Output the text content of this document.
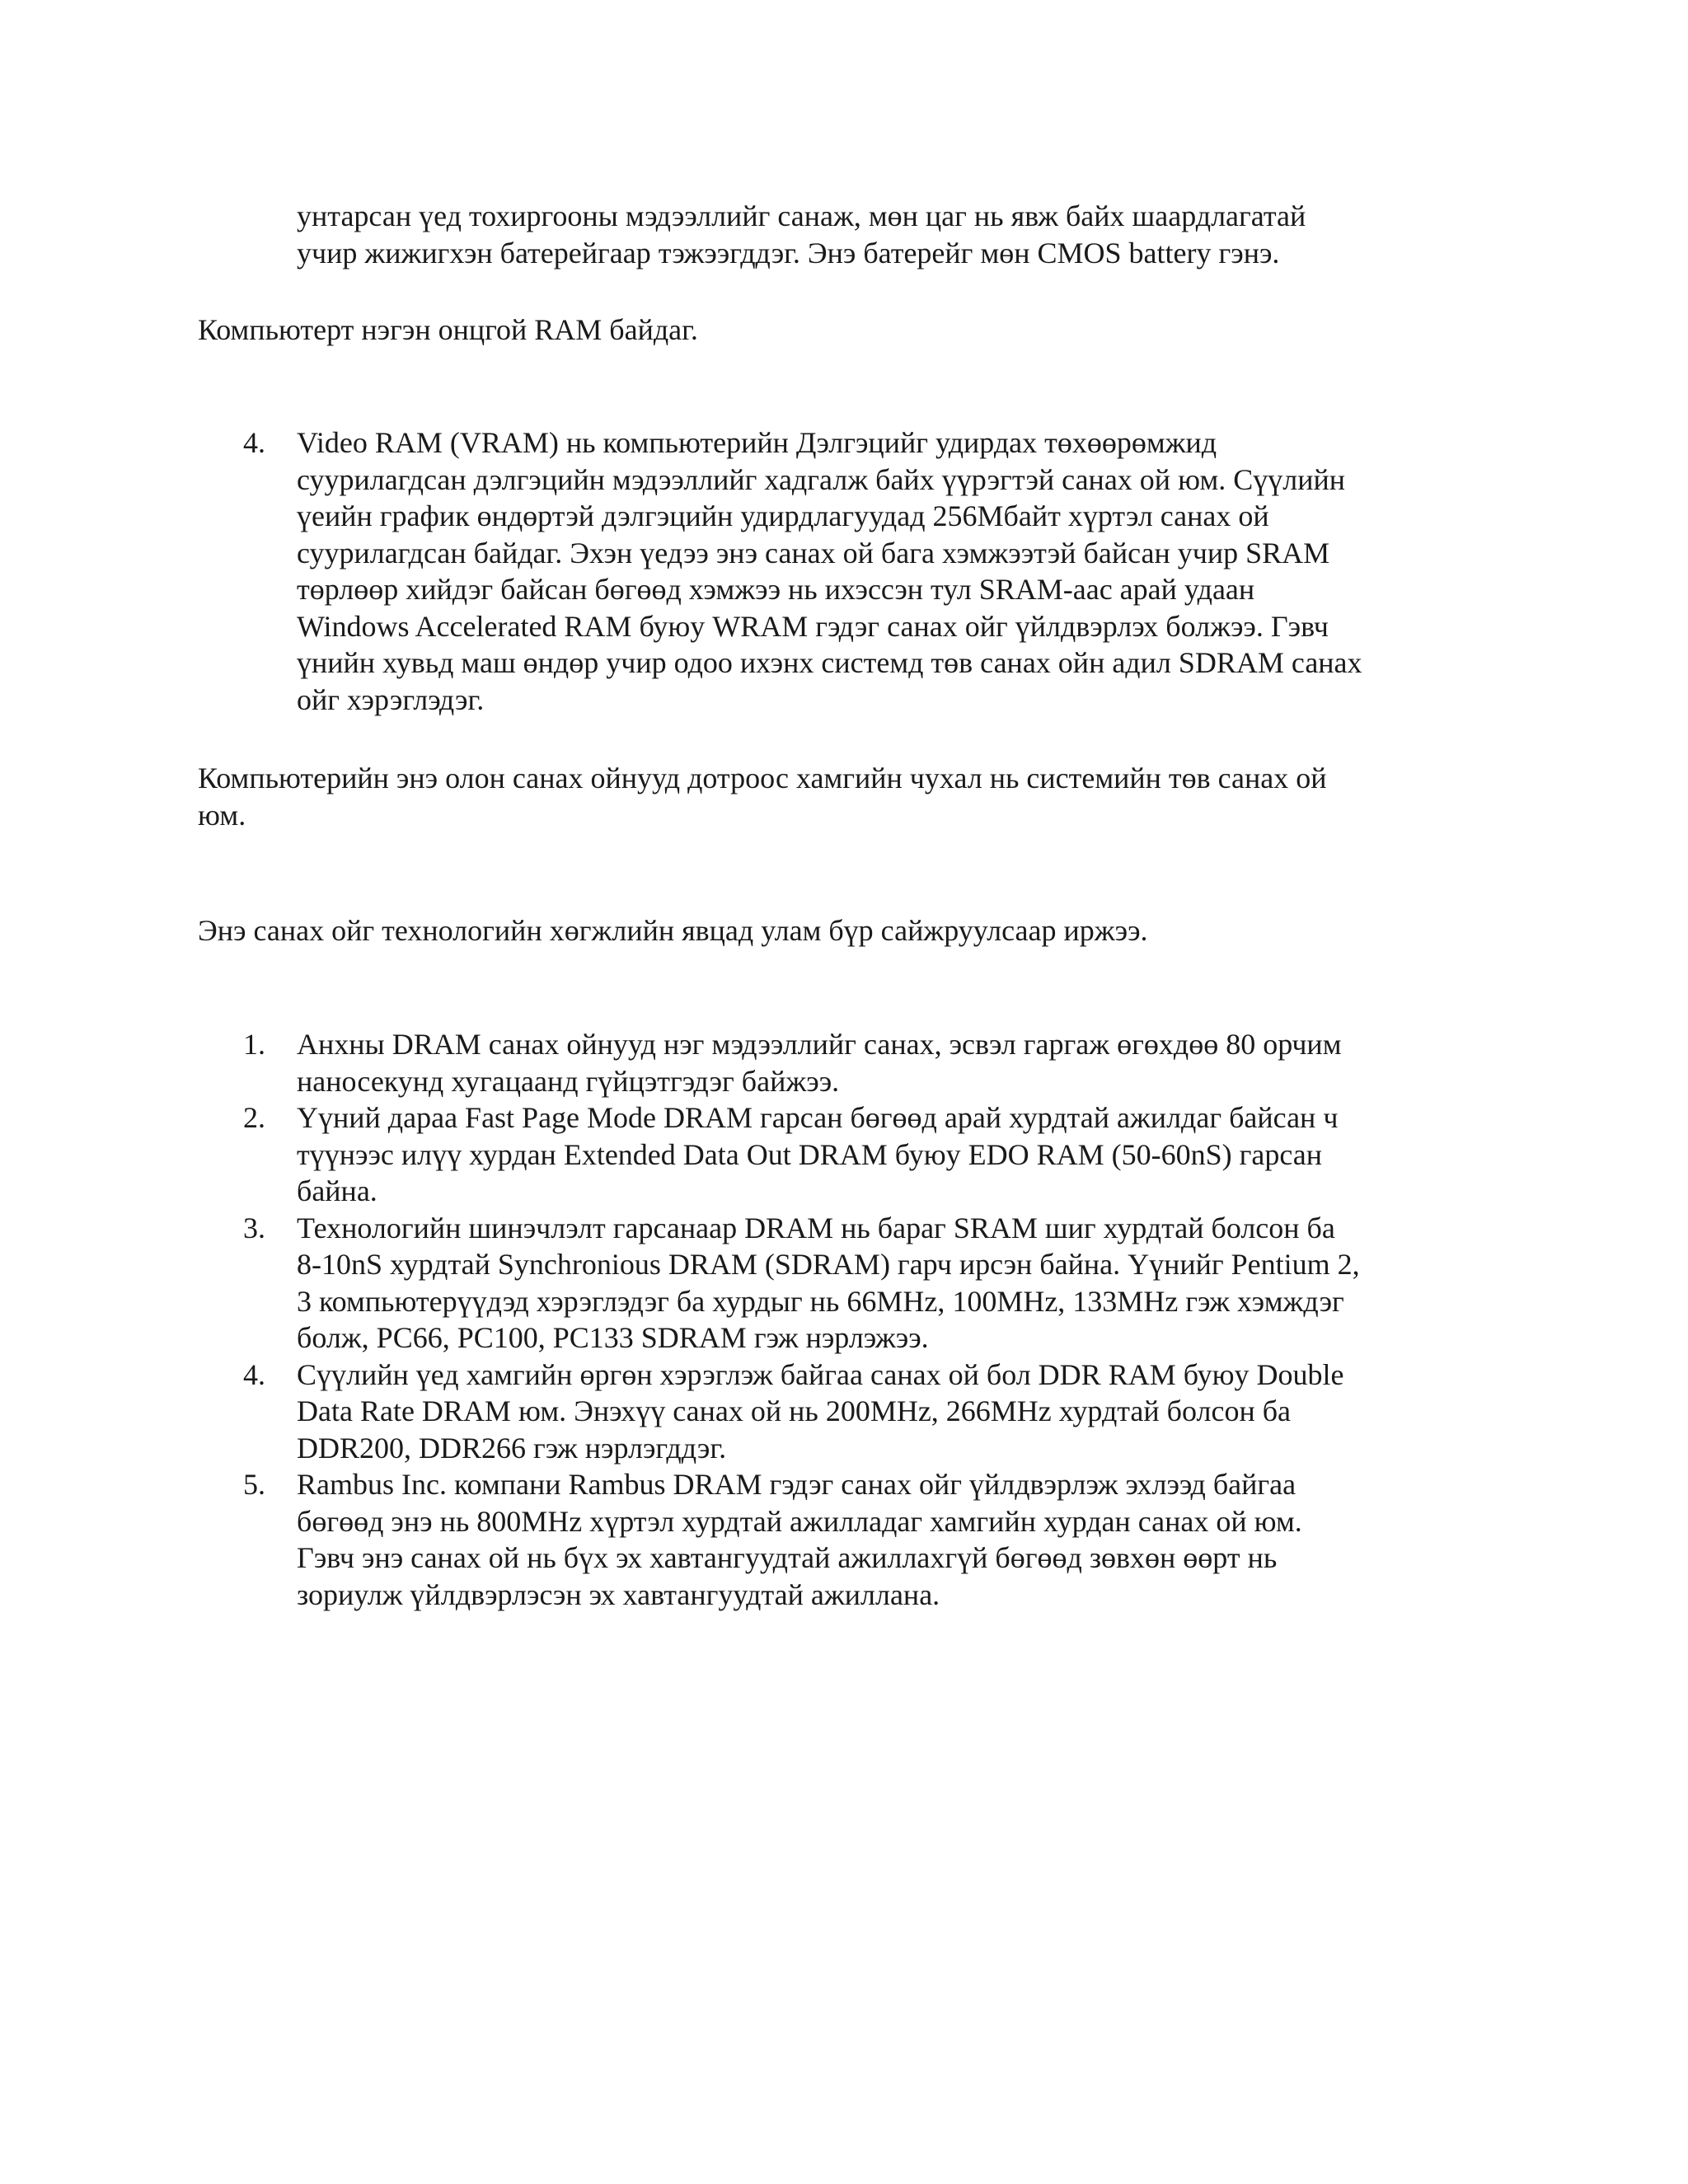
унтарсан үед тохиргооны мэдээллийг санаж, мөн цаг нь явж байх шаардлагатай
учир жижигхэн батерейгаар тэжээгддэг. Энэ батерейг мөн CMOS battery гэнэ.

Компьютерт нэгэн онцгой RAM байдаг.

4. Video RAM (VRAM) нь компьютерийн Дэлгэцийг удирдах төхөөрөмжид
суурилагдсан дэлгэцийн мэдээллийг хадгалж байх үүрэгтэй санах ой юм. Сүүлийн
үеийн график өндөртэй дэлгэцийн удирдлагуудад 256Мбайт хүртэл санах ой
суурилагдсан байдаг. Эхэн үедээ энэ санах ой бага хэмжээтэй байсан учир SRAM
төрлөөр хийдэг байсан бөгөөд хэмжээ нь ихэссэн тул SRAM-аас арай удаан
Windows Accelerated RAM буюу WRAM гэдэг санах ойг үйлдвэрлэх болжээ. Гэвч
үнийн хувьд маш өндөр учир одоо ихэнх системд төв санах ойн адил SDRAM санах
ойг хэрэглэдэг.

Компьютерийн энэ олон санах ойнууд дотроос хамгийн чухал нь системийн төв санах ой
юм.

Энэ санах ойг технологийн хөгжлийн явцад улам бүр сайжруулсаар иржээ.

1. Анхны DRAM санах ойнууд нэг мэдээллийг санах, эсвэл гаргаж өгөхдөө 80 орчим
наносекунд хугацаанд гүйцэтгэдэг байжээ.
2. Үүний дараа Fast Page Mode DRAM гарсан бөгөөд арай хурдтай ажилдаг байсан ч
түүнээс илүү хурдан Extended Data Out DRAM буюу EDO RAM (50-60nS) гарсан
байна.
3. Технологийн шинэчлэлт гарсанаар DRAM нь бараг SRAM шиг хурдтай болсон ба
8-10nS хурдтай Synchronious DRAM (SDRAM) гарч ирсэн байна. Үүнийг Pentium 2,
3 компьютерүүдэд хэрэглэдэг ба хурдыг нь 66MHz, 100MHz, 133MHz гэж хэмждэг
болж, PC66, PC100, PC133 SDRAM гэж нэрлэжээ.
4. Сүүлийн үед хамгийн өргөн хэрэглэж байгаа санах ой бол DDR RAM буюу Double
Data Rate DRAM юм. Энэхүү санах ой нь 200MHz, 266MHz хурдтай болсон ба
DDR200, DDR266 гэж нэрлэгддэг.
5. Rambus Inc. компани Rambus DRAM гэдэг санах ойг үйлдвэрлэж эхлээд байгаа
бөгөөд энэ нь 800MHz хүртэл хурдтай ажилладаг хамгийн хурдан санах ой юм.
Гэвч энэ санах ой нь бүх эх хавтангуудтай ажиллахгүй бөгөөд зөвхөн өөрт нь
зориулж үйлдвэрлэсэн эх хавтангуудтай ажиллана.
